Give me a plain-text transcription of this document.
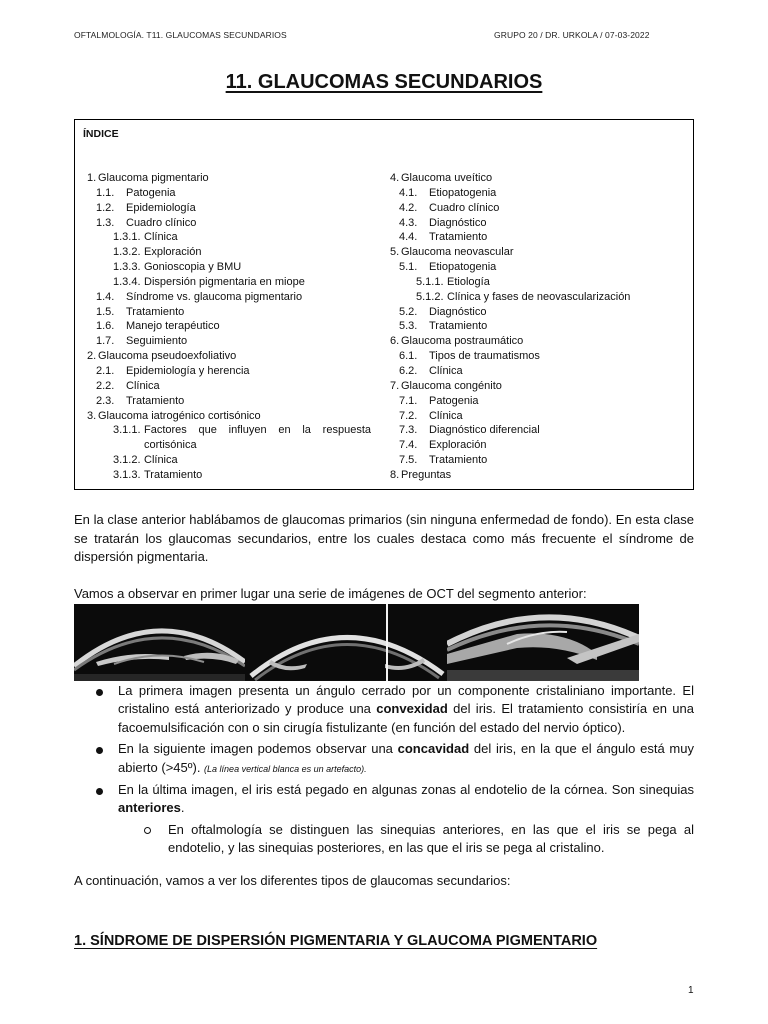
OFTALMOLOGÍA. T11. GLAUCOMAS SECUNDARIOS	GRUPO 20 / DR. URKOLA / 07-03-2022
11. GLAUCOMAS SECUNDARIOS
ÍNDICE
1. Glaucoma pigmentario
1.1.	Patogenia
1.2.	Epidemiología
1.3.	Cuadro clínico
1.3.1. Clínica
1.3.2. Exploración
1.3.3. Gonioscopia y BMU
1.3.4. Dispersión pigmentaria en miope
1.4.	Síndrome vs. glaucoma pigmentario
1.5.	Tratamiento
1.6.	Manejo terapéutico
1.7.	Seguimiento
2. Glaucoma pseudoexfoliativo
2.1.	Epidemiología y herencia
2.2.	Clínica
2.3.	Tratamiento
3. Glaucoma iatrogénico cortisónico
3.1.1. Factores que influyen en la respuesta cortisónica
3.1.2. Clínica
3.1.3. Tratamiento
4. Glaucoma uveítico
4.1.	Etiopatogenia
4.2.	Cuadro clínico
4.3.	Diagnóstico
4.4.	Tratamiento
5. Glaucoma neovascular
5.1.	Etiopatogenia
5.1.1. Etiología
5.1.2. Clínica y fases de neovascularización
5.2.	Diagnóstico
5.3.	Tratamiento
6. Glaucoma postraumático
6.1.	Tipos de traumatismos
6.2.	Clínica
7. Glaucoma congénito
7.1.	Patogenia
7.2.	Clínica
7.3.	Diagnóstico diferencial
7.4.	Exploración
7.5.	Tratamiento
8. Preguntas

En la clase anterior hablábamos de glaucomas primarios (sin ninguna enfermedad de fondo). En esta clase se tratarán los glaucomas secundarios, entre los cuales destaca como más frecuente el síndrome de dispersión pigmentaria.

Vamos a observar en primer lugar una serie de imágenes de OCT del segmento anterior:

La primera imagen presenta un ángulo cerrado por un componente cristaliniano importante. El cristalino está anteriorizado y produce una convexidad del iris. El tratamiento consistiría en una facoemulsificación con o sin cirugía fistulizante (en función del estado del nervio óptico).
En la siguiente imagen podemos observar una concavidad del iris, en la que el ángulo está muy abierto (>45º). (La línea vertical blanca es un artefacto).
En la última imagen, el iris está pegado en algunas zonas al endotelio de la córnea. Son sinequias anteriores.
En oftalmología se distinguen las sinequias anteriores, en las que el iris se pega al endotelio, y las sinequias posteriores, en las que el iris se pega al cristalino.

A continuación, vamos a ver los diferentes tipos de glaucomas secundarios:

1. SÍNDROME DE DISPERSIÓN PIGMENTARIA Y GLAUCOMA PIGMENTARIO
1
